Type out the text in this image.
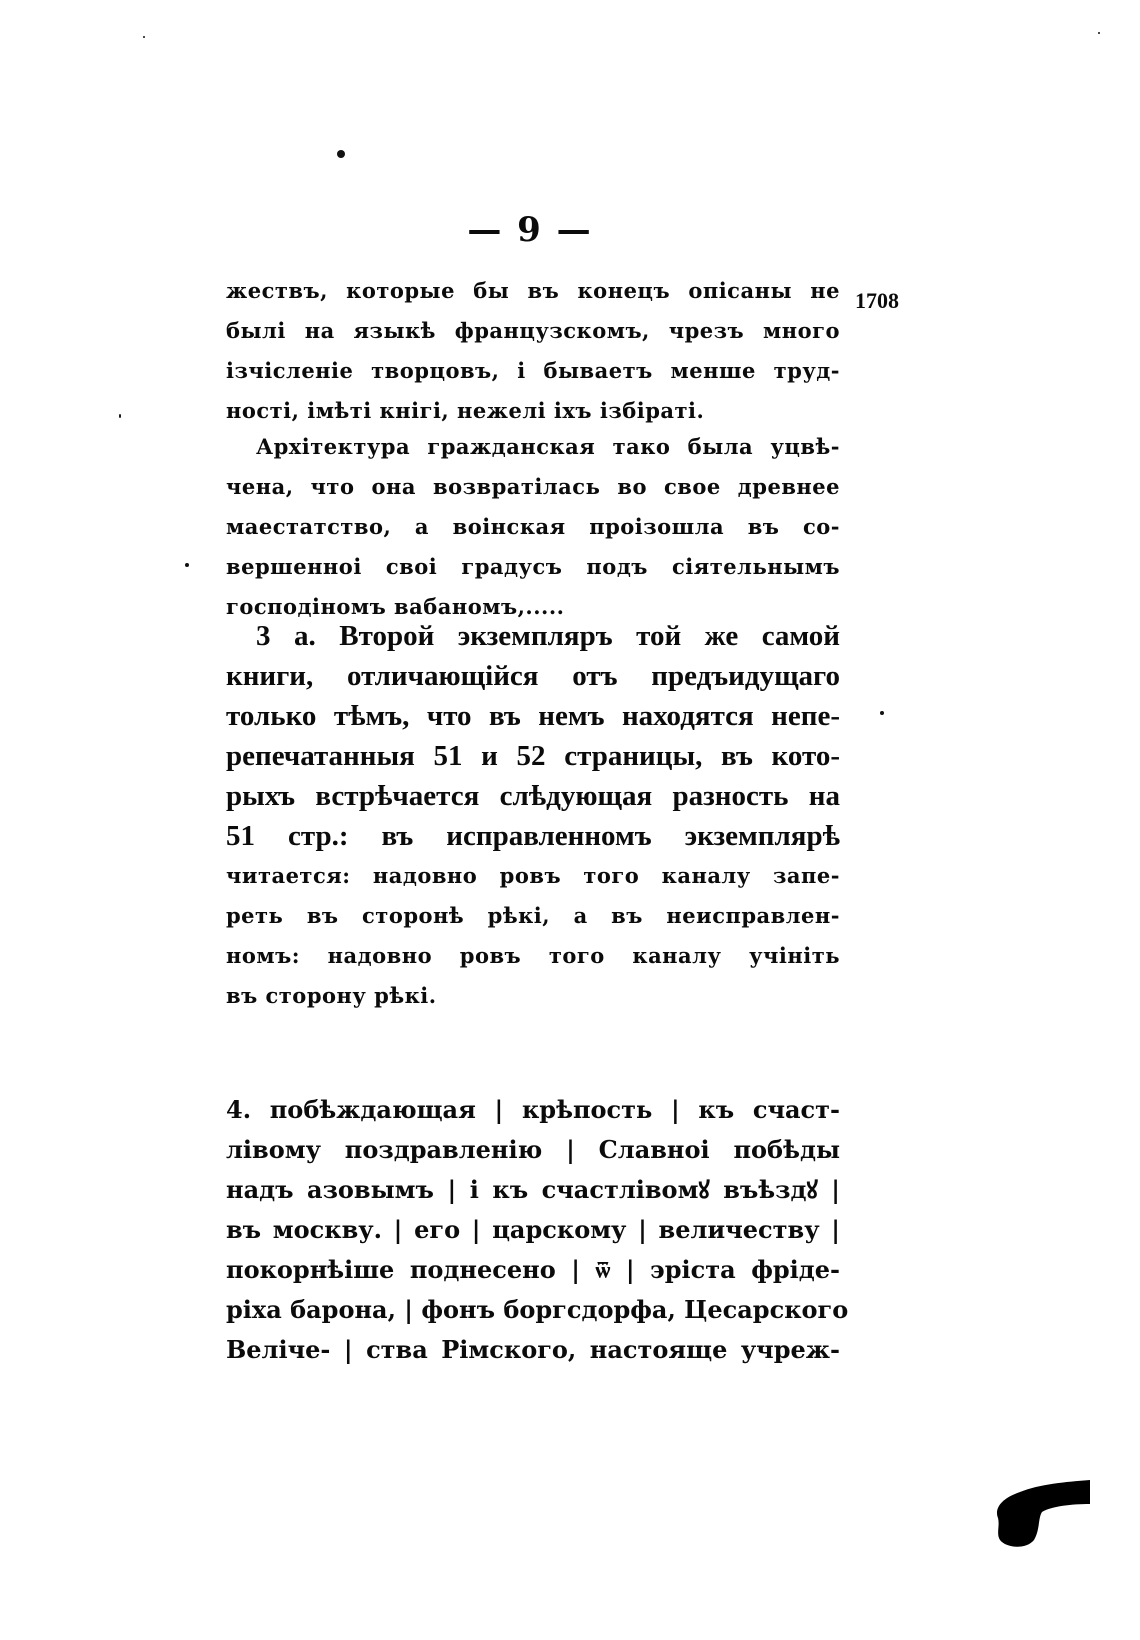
— 9 —
1708
жествъ, которые бы въ конецъ опісаны не
былі на языкѣ французскомъ, чрезъ много
ізчісленіе творцовъ, і бываетъ менше труд-
ності, імѣті кнігі, нежелі іхъ ізбіраті.
Архітектура гражданская тако была уцвѣ-
чена, что она возвратілась во свое древнее
маестатство, а воінская проізошла въ со-
вершенноі своі градусъ подъ сіятельнымъ
господіномъ вабаномъ,.....
3 а. Второй экземпляръ той же самой
книги, отличающійся отъ предъидущаго
только тѣмъ, что въ немъ находятся непе-
репечатанныя 51 и 52 страницы, въ кото-
рыхъ встрѣчается слѣдующая разность на
51 стр.: въ исправленномъ экземплярѣ
читается: надовно ровъ того каналу запе-
реть въ сторонѣ рѣкі, а въ неисправлен-
номъ: надовно ровъ того каналу учініть
въ сторону рѣкі.
4. побѣждающая | крѣпость | къ счаст-
лівому поздравленію | Славноі побѣды
надъ азовымъ | і къ счастлівомꙋ въѣздꙋ |
въ москву. | его | царскому | величеству |
покорнѣіше поднесено | ѿ | эріста фріде-
ріха барона, | фонъ боргсдорфа, Цесарского
Веліче- | ства Рімского, настояще учреж-
